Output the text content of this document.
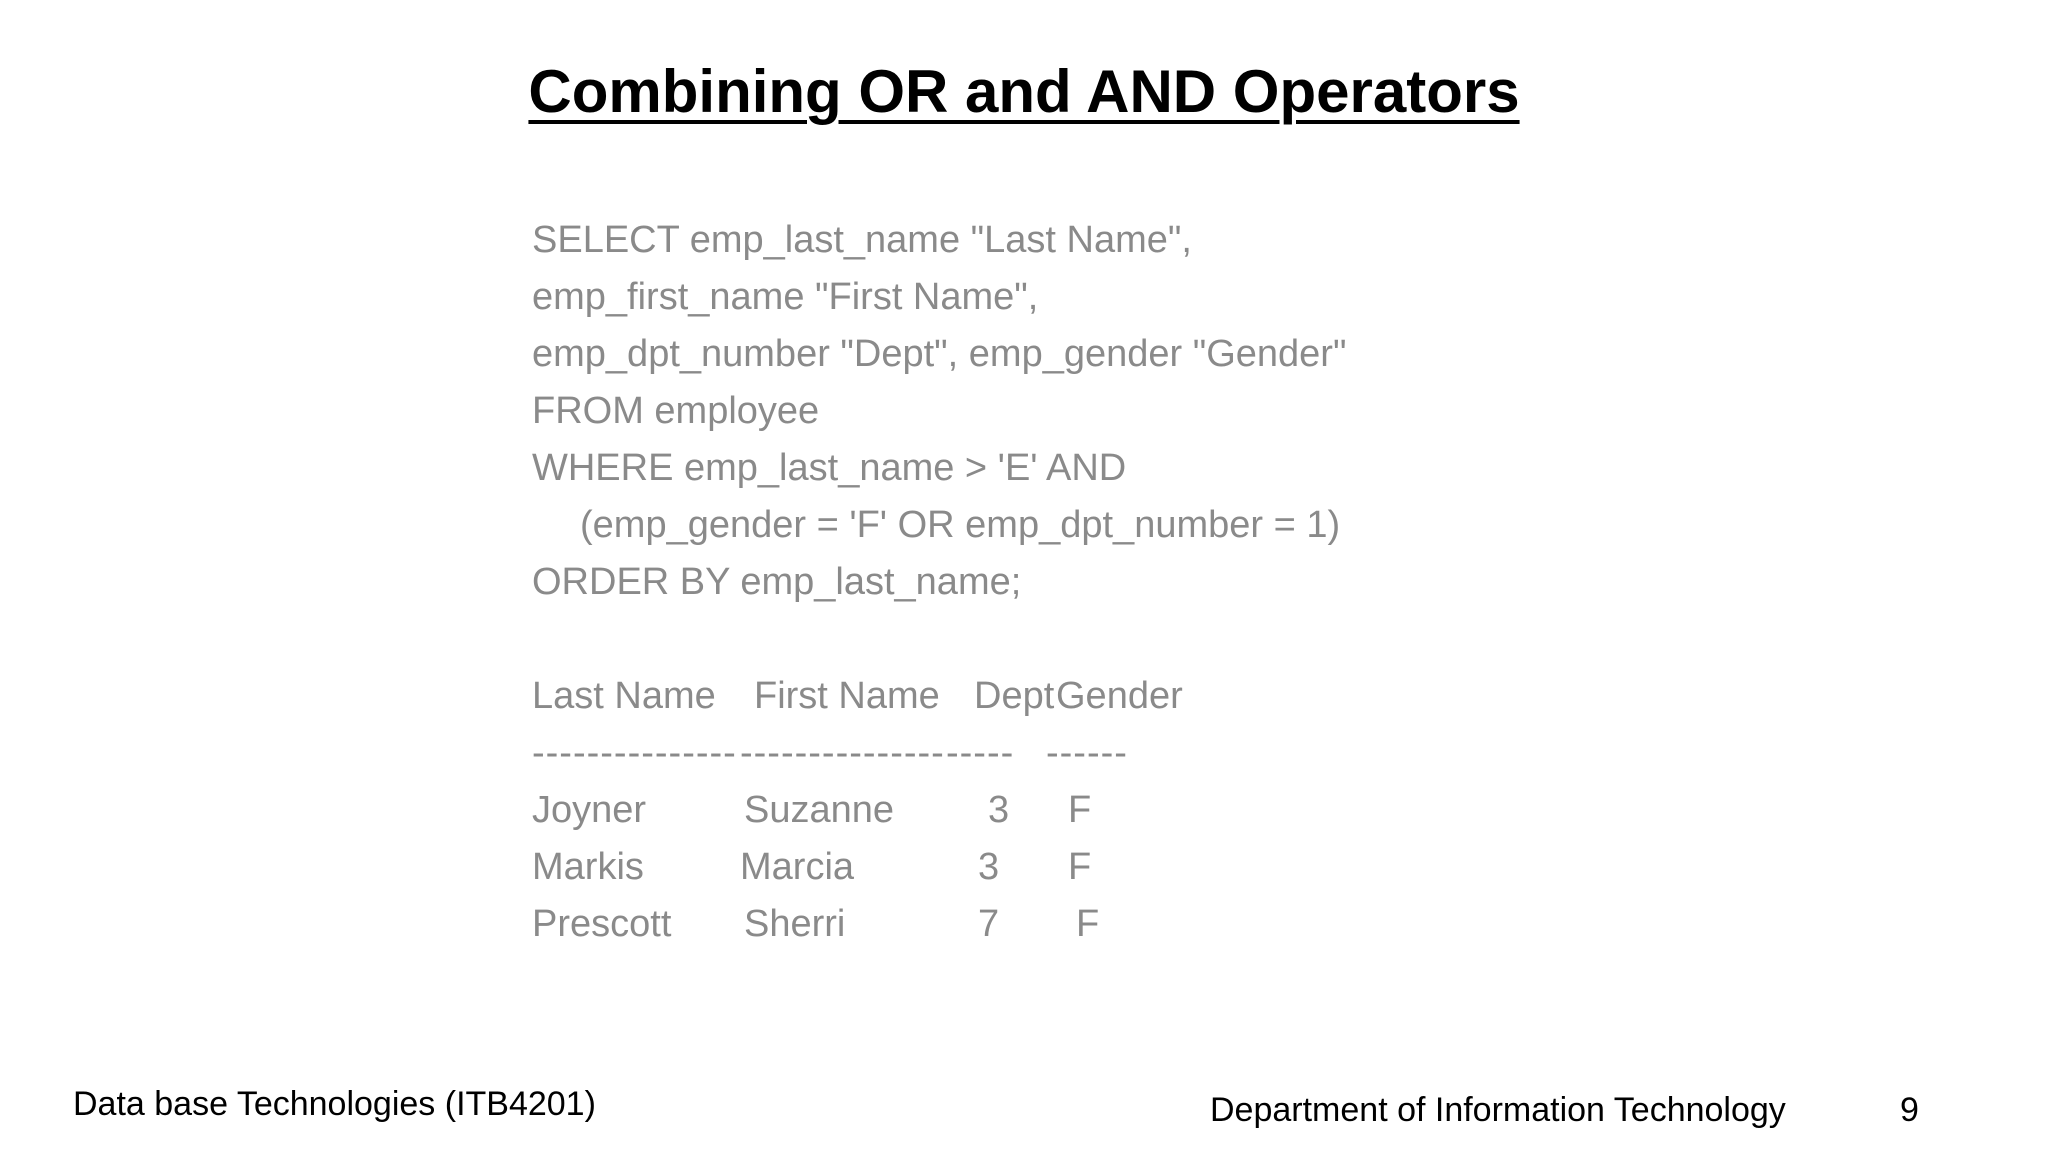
Combining OR and AND Operators
SELECT emp_last_name "Last Name",
emp_first_name "First Name",
emp_dpt_number "Dept", emp_gender "Gender"
FROM employee
WHERE emp_last_name > 'E' AND
(emp_gender = 'F' OR emp_dpt_number = 1)
ORDER BY emp_last_name;
Last Name First Name Dept Gender
--------------- --------------- ----- ------
Joyner	Suzanne 3 F
Markis	Marcia	3 F
Prescott Sherri	7 F
Data base Technologies (ITB4201)	Department of Information Technology	9
